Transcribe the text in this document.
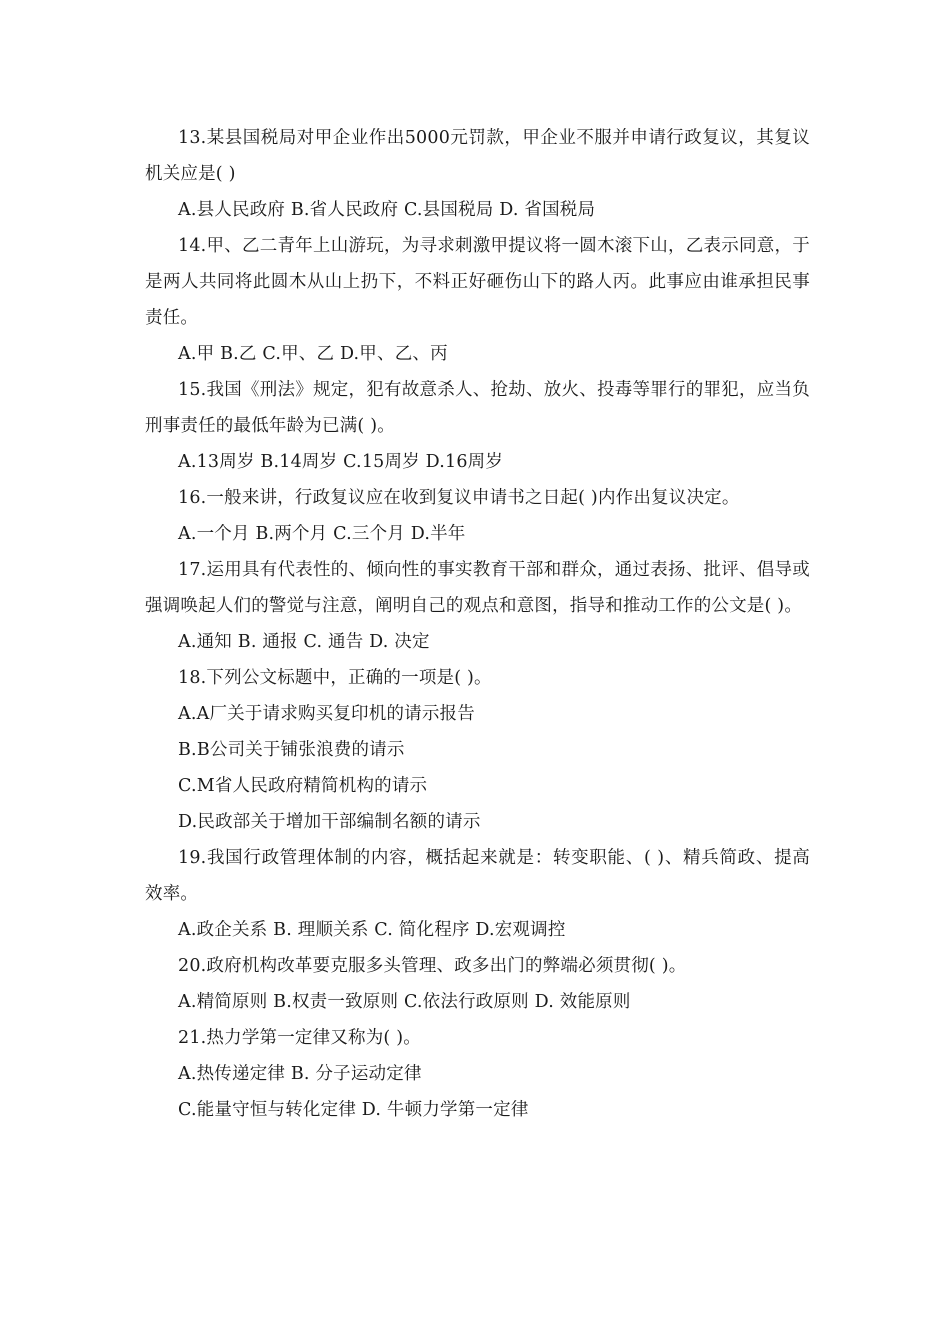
13.某县国税局对甲企业作出5000元罚款，甲企业不服并申请行政复议，其复议机关应是( )

A.县人民政府 B.省人民政府 C.县国税局 D. 省国税局

14.甲、乙二青年上山游玩，为寻求刺激甲提议将一圆木滚下山，乙表示同意，于是两人共同将此圆木从山上扔下，不料正好砸伤山下的路人丙。此事应由谁承担民事责任。

A.甲 B.乙 C.甲、乙 D.甲、乙、丙

15.我国《刑法》规定，犯有故意杀人、抢劫、放火、投毒等罪行的罪犯，应当负刑事责任的最低年龄为已满( )。

A.13周岁 B.14周岁 C.15周岁 D.16周岁

16.一般来讲，行政复议应在收到复议申请书之日起( )内作出复议决定。

A.一个月 B.两个月 C.三个月 D.半年

17.运用具有代表性的、倾向性的事实教育干部和群众，通过表扬、批评、倡导或强调唤起人们的警觉与注意，阐明自己的观点和意图，指导和推动工作的公文是( )。

A.通知 B. 通报 C. 通告 D. 决定

18.下列公文标题中，正确的一项是( )。

A.A厂关于请求购买复印机的请示报告

B.B公司关于铺张浪费的请示

C.M省人民政府精简机构的请示

D.民政部关于增加干部编制名额的请示

19.我国行政管理体制的内容，概括起来就是：转变职能、( )、精兵简政、提高效率。

A.政企关系 B. 理顺关系 C. 简化程序 D.宏观调控

20.政府机构改革要克服多头管理、政多出门的弊端必须贯彻( )。

A.精简原则 B.权责一致原则 C.依法行政原则 D. 效能原则

21.热力学第一定律又称为( )。

A.热传递定律 B. 分子运动定律

C.能量守恒与转化定律 D. 牛顿力学第一定律
